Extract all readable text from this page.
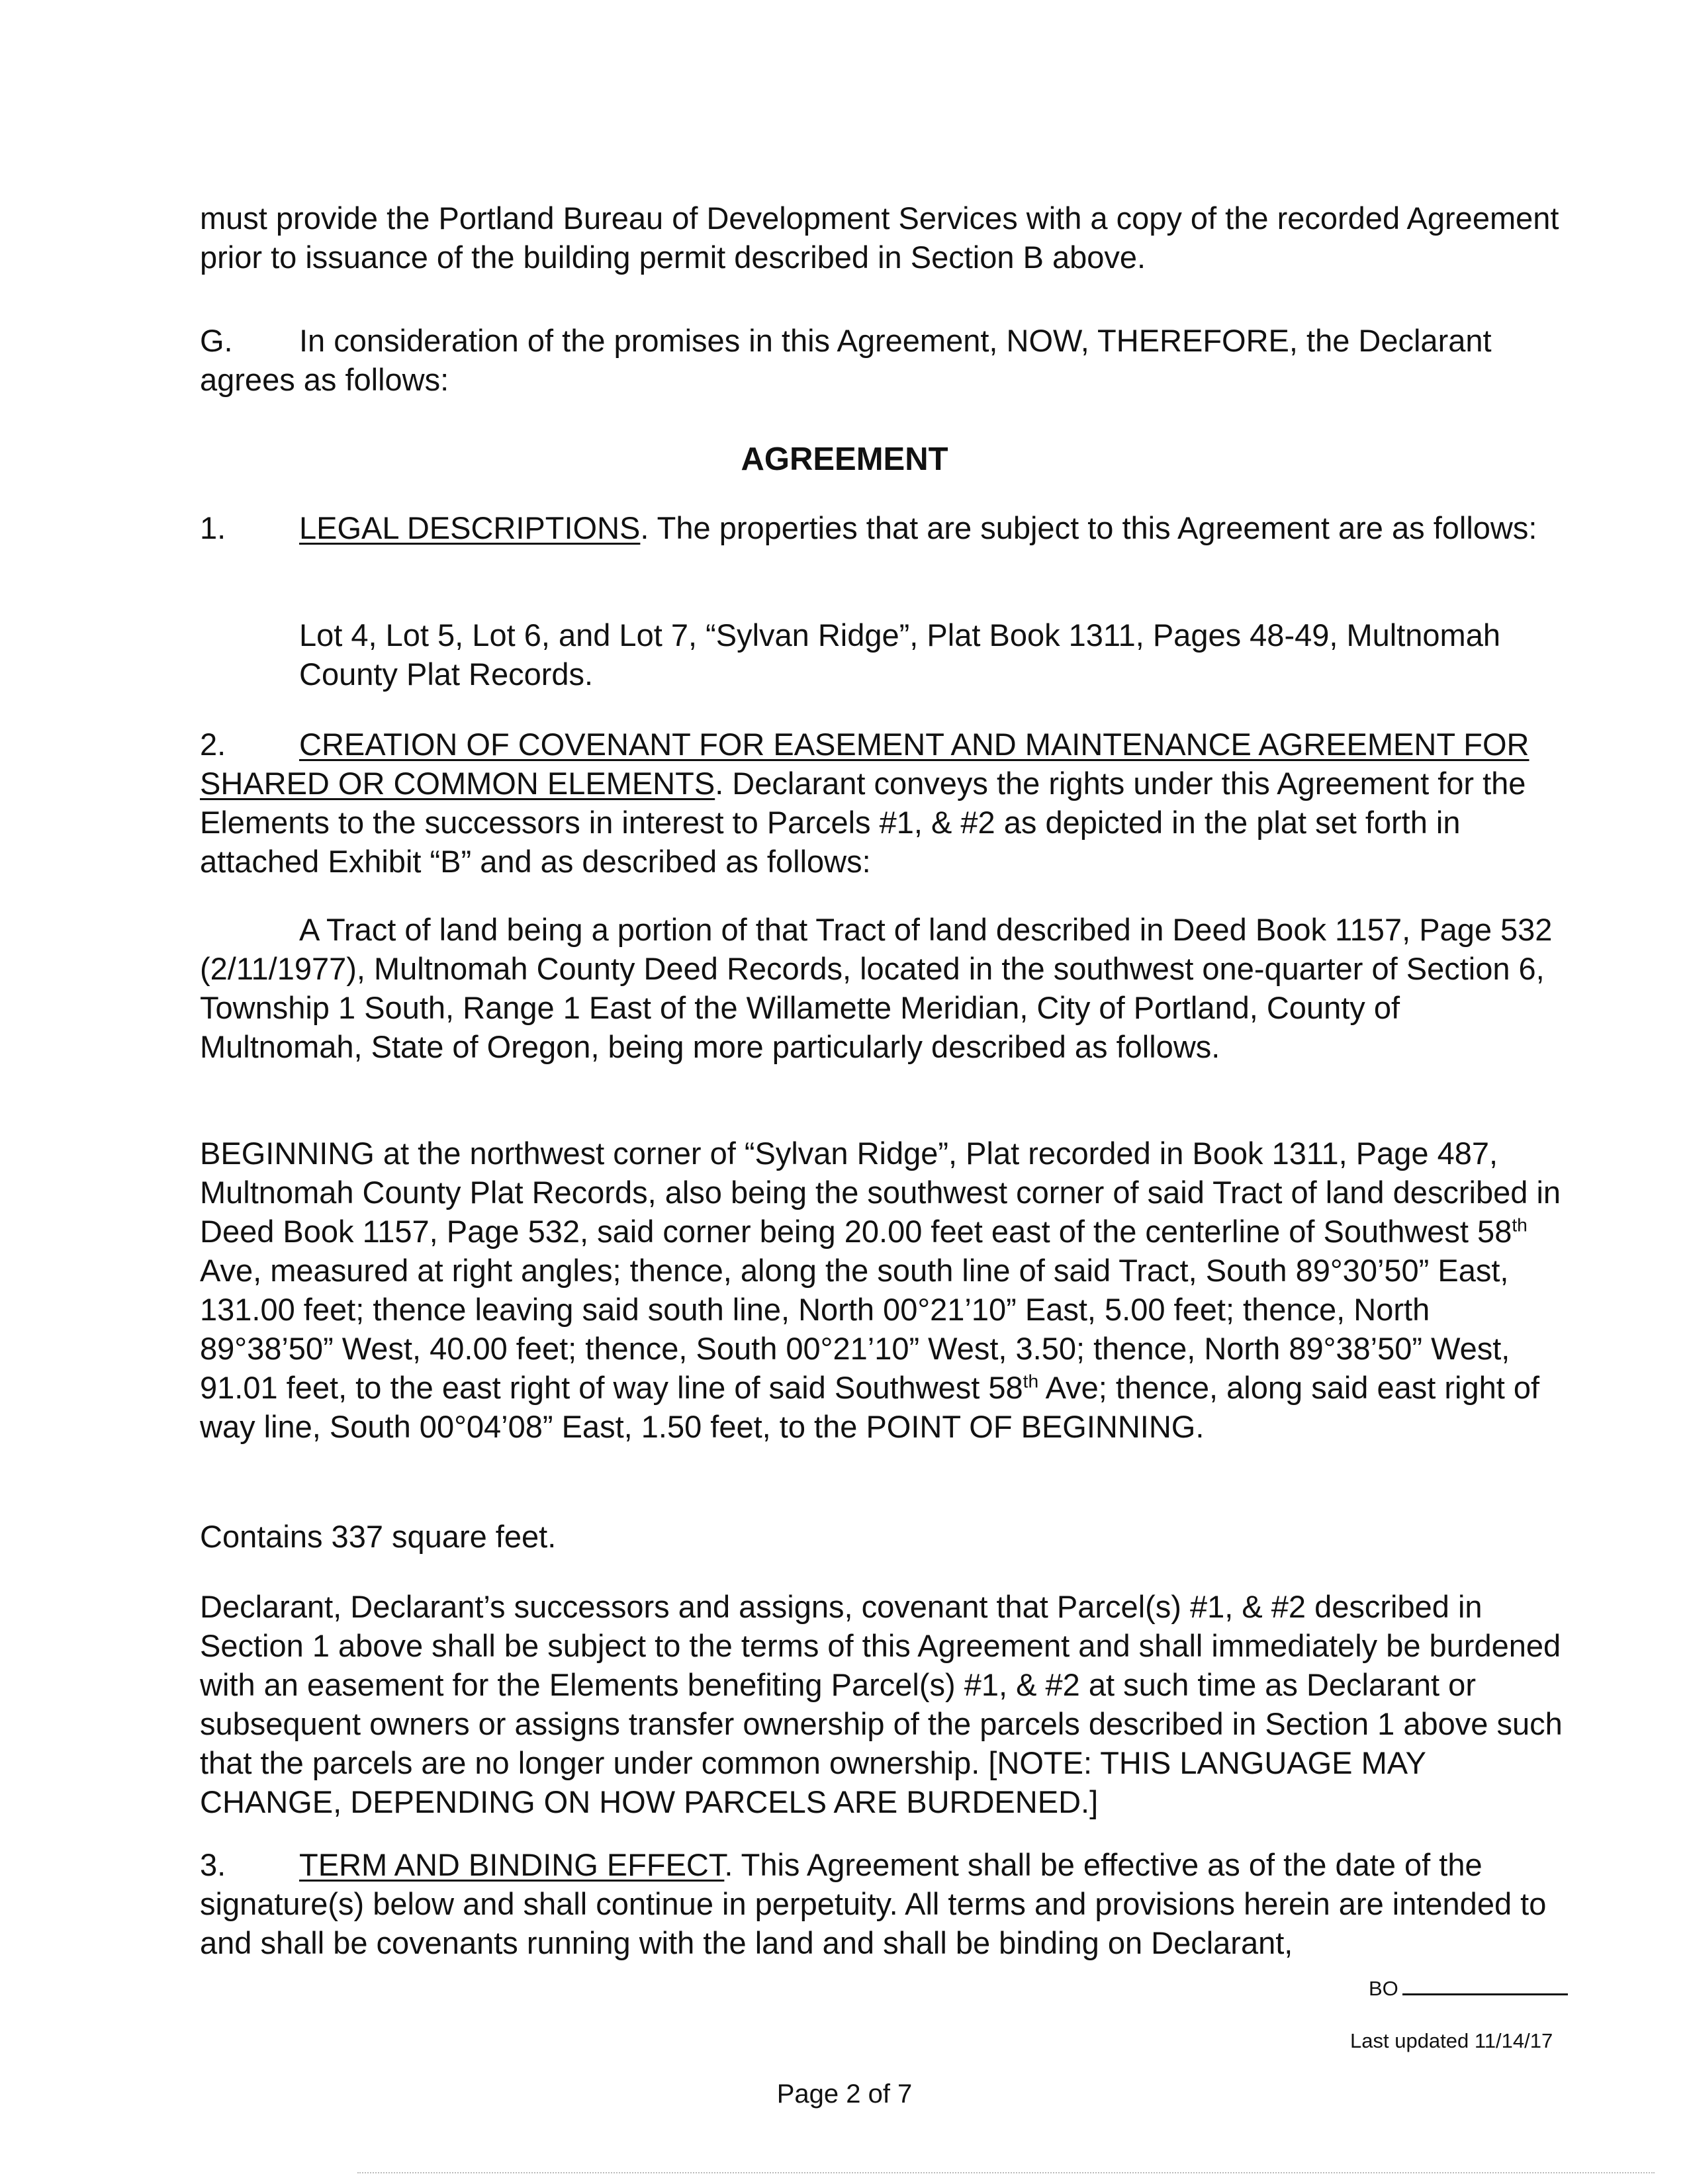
must provide the Portland Bureau of Development Services with a copy of the recorded Agreement prior to issuance of the building permit described in Section B above.

G. In consideration of the promises in this Agreement, NOW, THEREFORE, the Declarant agrees as follows:

AGREEMENT

1. LEGAL DESCRIPTIONS. The properties that are subject to this Agreement are as follows:

Lot 4, Lot 5, Lot 6, and Lot 7, “Sylvan Ridge”, Plat Book 1311, Pages 48-49, Multnomah County Plat Records.

2. CREATION OF COVENANT FOR EASEMENT AND MAINTENANCE AGREEMENT FOR SHARED OR COMMON ELEMENTS. Declarant conveys the rights under this Agreement for the Elements to the successors in interest to Parcels #1, & #2 as depicted in the plat set forth in attached Exhibit “B” and as described as follows:

A Tract of land being a portion of that Tract of land described in Deed Book 1157, Page 532 (2/11/1977), Multnomah County Deed Records, located in the southwest one-quarter of Section 6, Township 1 South, Range 1 East of the Willamette Meridian, City of Portland, County of Multnomah, State of Oregon, being more particularly described as follows.

BEGINNING at the northwest corner of “Sylvan Ridge”, Plat recorded in Book 1311, Page 487, Multnomah County Plat Records, also being the southwest corner of said Tract of land described in Deed Book 1157, Page 532, said corner being 20.00 feet east of the centerline of Southwest 58th Ave, measured at right angles; thence, along the south line of said Tract, South 89°30’50” East, 131.00 feet; thence leaving said south line, North 00°21’10” East, 5.00 feet; thence, North 89°38’50” West, 40.00 feet; thence, South 00°21’10” West, 3.50; thence, North 89°38’50” West, 91.01 feet, to the east right of way line of said Southwest 58th Ave; thence, along said east right of way line, South 00°04’08” East, 1.50 feet, to the POINT OF BEGINNING.

Contains 337 square feet.

Declarant, Declarant’s successors and assigns, covenant that Parcel(s) #1, & #2 described in Section 1 above shall be subject to the terms of this Agreement and shall immediately be burdened with an easement for the Elements benefiting Parcel(s) #1, & #2 at such time as Declarant or subsequent owners or assigns transfer ownership of the parcels described in Section 1 above such that the parcels are no longer under common ownership. [NOTE: THIS LANGUAGE MAY CHANGE, DEPENDING ON HOW PARCELS ARE BURDENED.]

3. TERM AND BINDING EFFECT. This Agreement shall be effective as of the date of the signature(s) below and shall continue in perpetuity. All terms and provisions herein are intended to and shall be covenants running with the land and shall be binding on Declarant,

BO
Last updated 11/14/17
Page 2 of 7
